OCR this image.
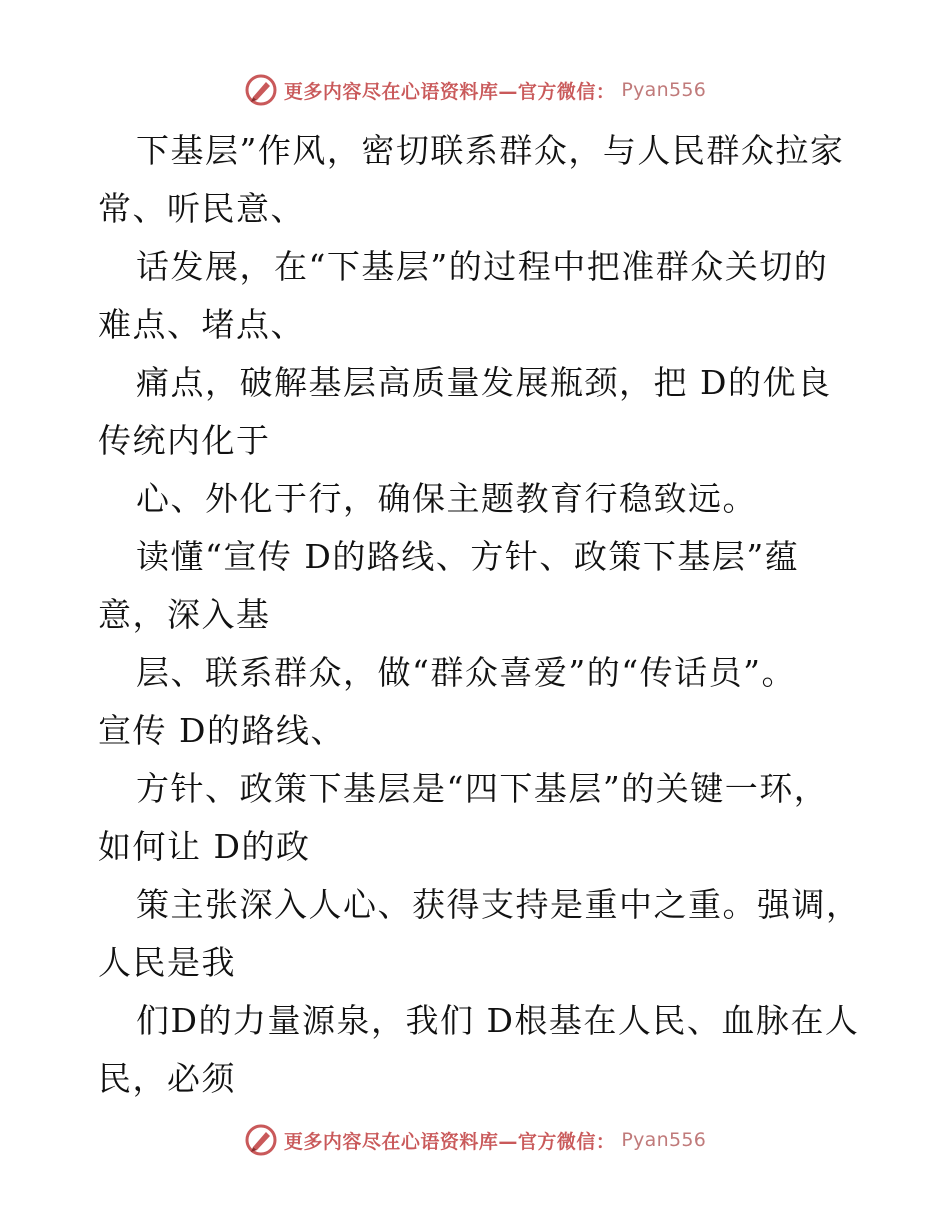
更多内容尽在心语资料库—官方微信： Pyan556
下基层”作风，密切联系群众，与人民群众拉家
常、听民意、
话发展，在“下基层”的过程中把准群众关切的
难点、堵点、
痛点，破解基层高质量发展瓶颈，把 D的优良
传统内化于
心、外化于行，确保主题教育行稳致远。
读懂“宣传 D的路线、方针、政策下基层”蕴
意，深入基
层、联系群众，做“群众喜爱”的“传话员”。
宣传 D的路线、
方针、政策下基层是“四下基层”的关键一环，
如何让 D的政
策主张深入人心、获得支持是重中之重。强调，
人民是我
们D的力量源泉，我们 D根基在人民、血脉在人
民，必须
更多内容尽在心语资料库—官方微信： Pyan556
